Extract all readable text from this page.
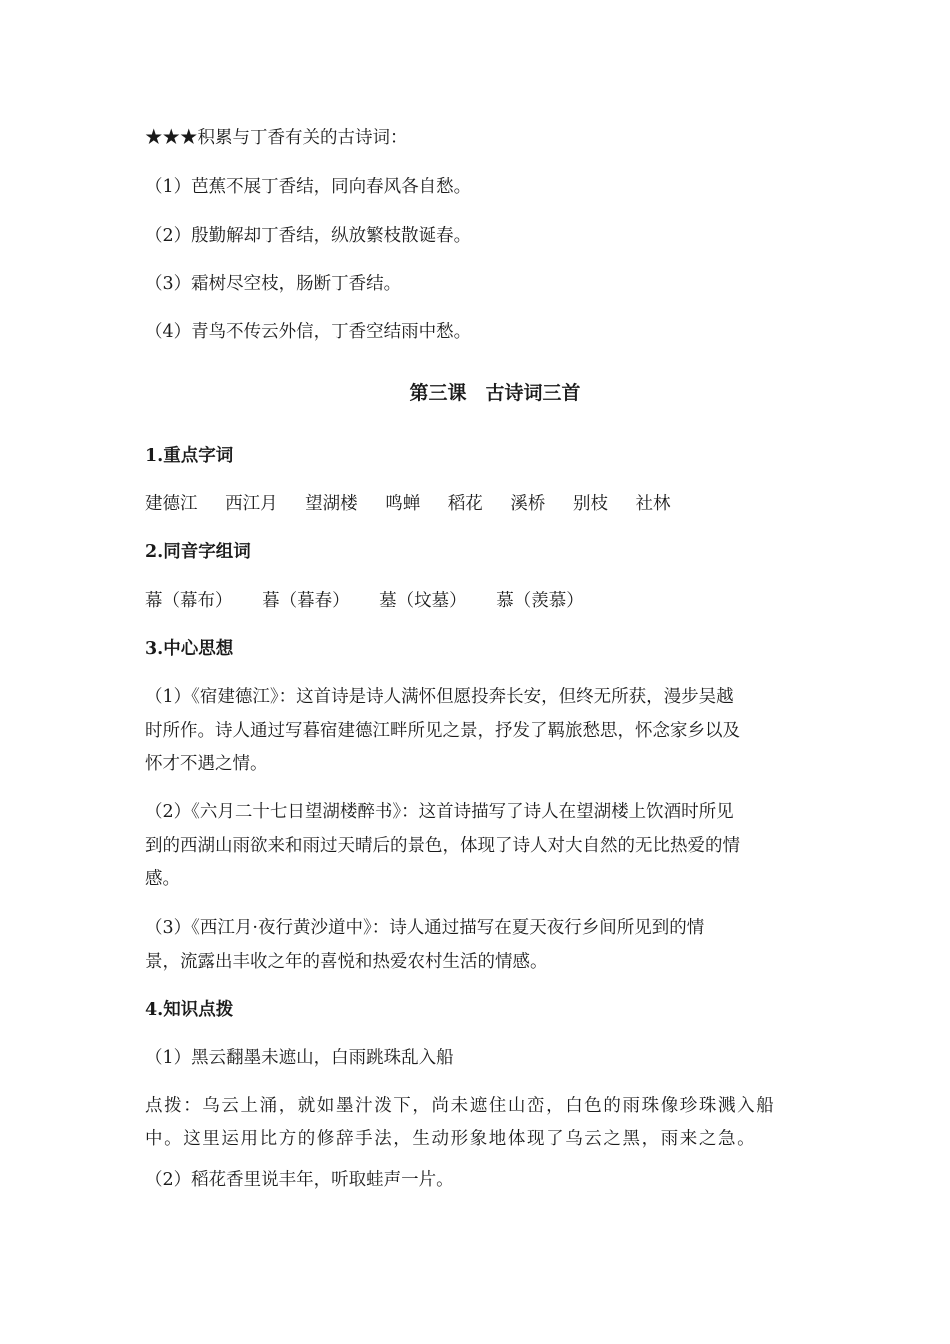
★★★积累与丁香有关的古诗词：
（1）芭蕉不展丁香结，同向春风各自愁。
（2）殷勤解却丁香结，纵放繁枝散诞春。
（3）霜树尽空枝，肠断丁香结。
（4）青鸟不传云外信，丁香空结雨中愁。
第三课　古诗词三首
1.重点字词
建德江 西江月 望湖楼 鸣蝉 稻花 溪桥 别枝 社林
2.同音字组词
幕（幕布） 暮（暮春） 墓（坟墓） 慕（羡慕）
3.中心思想
（1）《宿建德江》：这首诗是诗人满怀但愿投奔长安，但终无所获，漫步吴越
时所作。诗人通过写暮宿建德江畔所见之景，抒发了羁旅愁思，怀念家乡以及
怀才不遇之情。
（2）《六月二十七日望湖楼醉书》：这首诗描写了诗人在望湖楼上饮酒时所见
到的西湖山雨欲来和雨过天晴后的景色，体现了诗人对大自然的无比热爱的情
感。
（3）《西江月·夜行黄沙道中》：诗人通过描写在夏天夜行乡间所见到的情
景，流露出丰收之年的喜悦和热爱农村生活的情感。
4.知识点拨
（1）黑云翻墨未遮山，白雨跳珠乱入船
点拨：乌云上涌，就如墨汁泼下，尚未遮住山峦，白色的雨珠像珍珠溅入船
中。这里运用比方的修辞手法，生动形象地体现了乌云之黑，雨来之急。
（2）稻花香里说丰年，听取蛙声一片。
